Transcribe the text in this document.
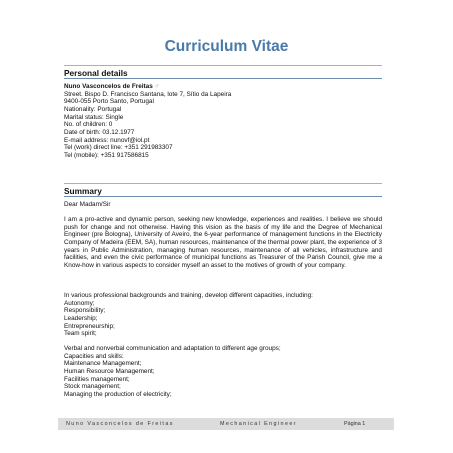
Curriculum Vitae
Personal details
Nuno Vasconcelos de Freitas ♂
Street. Bispo D. Francisco Santana, lote 7, Sítio da Lapeira
9400-055 Porto Santo, Portugal
Nationality: Portugal
Marital status: Single
No. of children: 0
Date of birth: 03.12.1977
E-mail address: nunovf@iol.pt
Tel (work) direct line: +351 291983307
Tel (mobile): +351 917586815
Summary
Dear Madam/Sir
I am a pro-active and dynamic person, seeking new knowledge, experiences and realities. I believe we should push for change and not otherwise. Having this vision as the basis of my life and the Degree of Mechanical Engineer (pre Bologna), University of Aveiro, the 6-year performance of management functions in the Electricity Company of Madeira (EEM, SA), human resources, maintenance of the thermal power plant, the experience of 3 years in Public Administration, managing human resources, maintenance of all vehicles, infrastructure and facilities, and even the civic performance of municipal functions as Treasurer of the Parish Council, give me a Know-how in various aspects to consider myself an asset to the motives of growth of your company.
In various professional backgrounds and training, develop different capacities, including:
Autonomy;
Responsibility;
Leadership;
Entrepreneurship;
Team spirit;
Verbal and nonverbal communication and adaptation to different age groups;
Capacities and skills:
Maintenance Management;
Human Resource Management;
Facilities management;
Stock management;
Managing the production of electricity;
Nuno Vasconcelos de Freitas	Mechanical Engineer	Página 1
